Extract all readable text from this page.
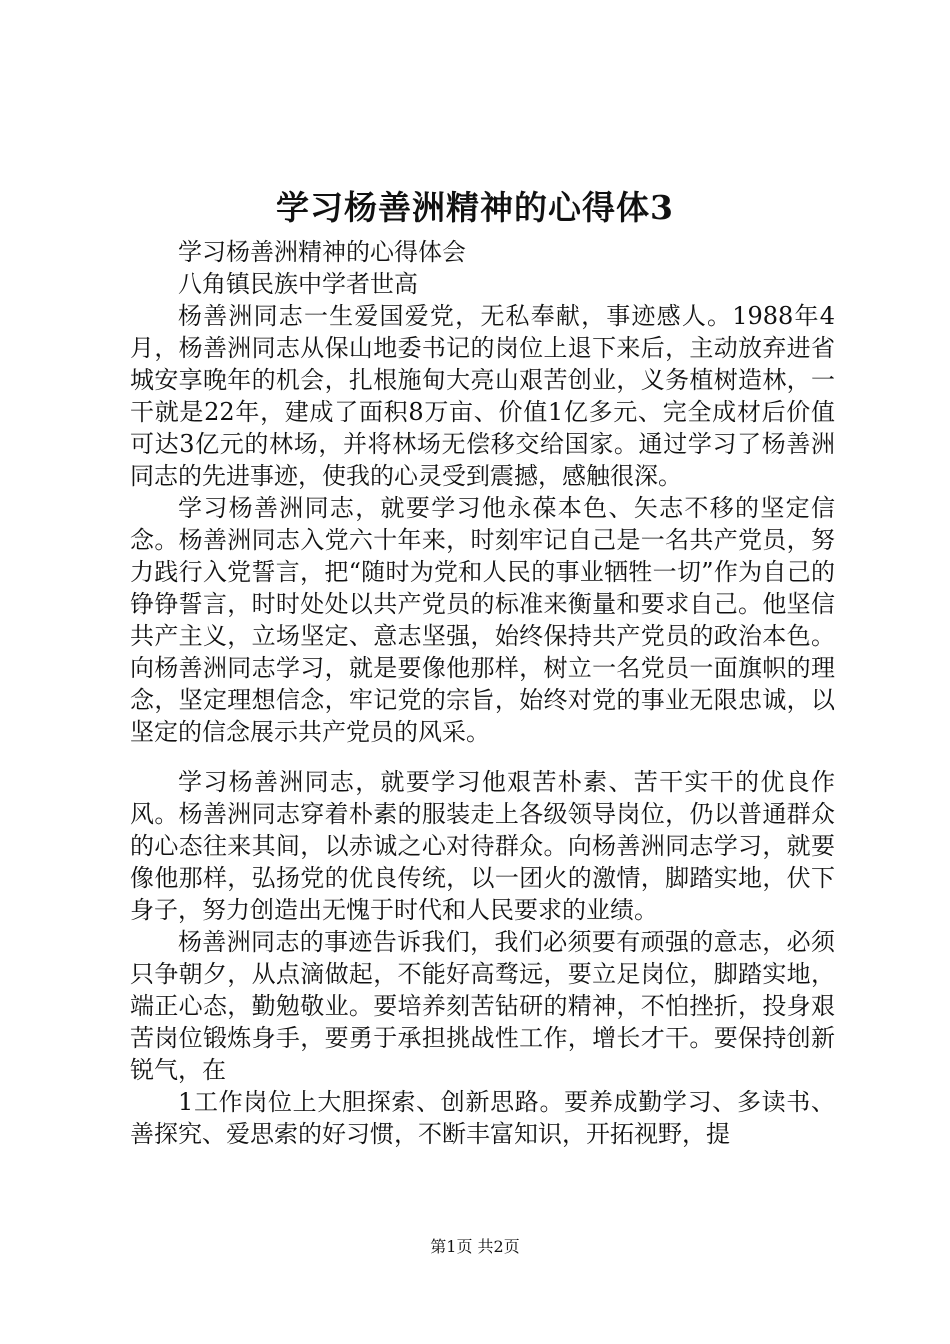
学习杨善洲精神的心得体3

学习杨善洲精神的心得体会

八角镇民族中学者世高

杨善洲同志一生爱国爱党，无私奉献，事迹感人。1988年4月，杨善洲同志从保山地委书记的岗位上退下来后，主动放弃进省城安享晚年的机会，扎根施甸大亮山艰苦创业，义务植树造林，一干就是22年，建成了面积8万亩、价值1亿多元、完全成材后价值可达3亿元的林场，并将林场无偿移交给国家。通过学习了杨善洲同志的先进事迹，使我的心灵受到震撼，感触很深。

学习杨善洲同志，就要学习他永葆本色、矢志不移的坚定信念。杨善洲同志入党六十年来，时刻牢记自己是一名共产党员，努力践行入党誓言，把“随时为党和人民的事业牺牲一切”作为自己的铮铮誓言，时时处处以共产党员的标准来衡量和要求自己。他坚信共产主义，立场坚定、意志坚强，始终保持共产党员的政治本色。向杨善洲同志学习，就是要像他那样，树立一名党员一面旗帜的理念，坚定理想信念，牢记党的宗旨，始终对党的事业无限忠诚，以坚定的信念展示共产党员的风采。

学习杨善洲同志，就要学习他艰苦朴素、苦干实干的优良作风。杨善洲同志穿着朴素的服装走上各级领导岗位，仍以普通群众的心态往来其间，以赤诚之心对待群众。向杨善洲同志学习，就要像他那样，弘扬党的优良传统，以一团火的激情，脚踏实地，伏下身子，努力创造出无愧于时代和人民要求的业绩。

杨善洲同志的事迹告诉我们，我们必须要有顽强的意志，必须只争朝夕，从点滴做起，不能好高骛远，要立足岗位，脚踏实地，端正心态，勤勉敬业。要培养刻苦钻研的精神，不怕挫折，投身艰苦岗位锻炼身手，要勇于承担挑战性工作，增长才干。要保持创新锐气，在

1工作岗位上大胆探索、创新思路。要养成勤学习、多读书、善探究、爱思索的好习惯，不断丰富知识，开拓视野，提

第1页 共2页
